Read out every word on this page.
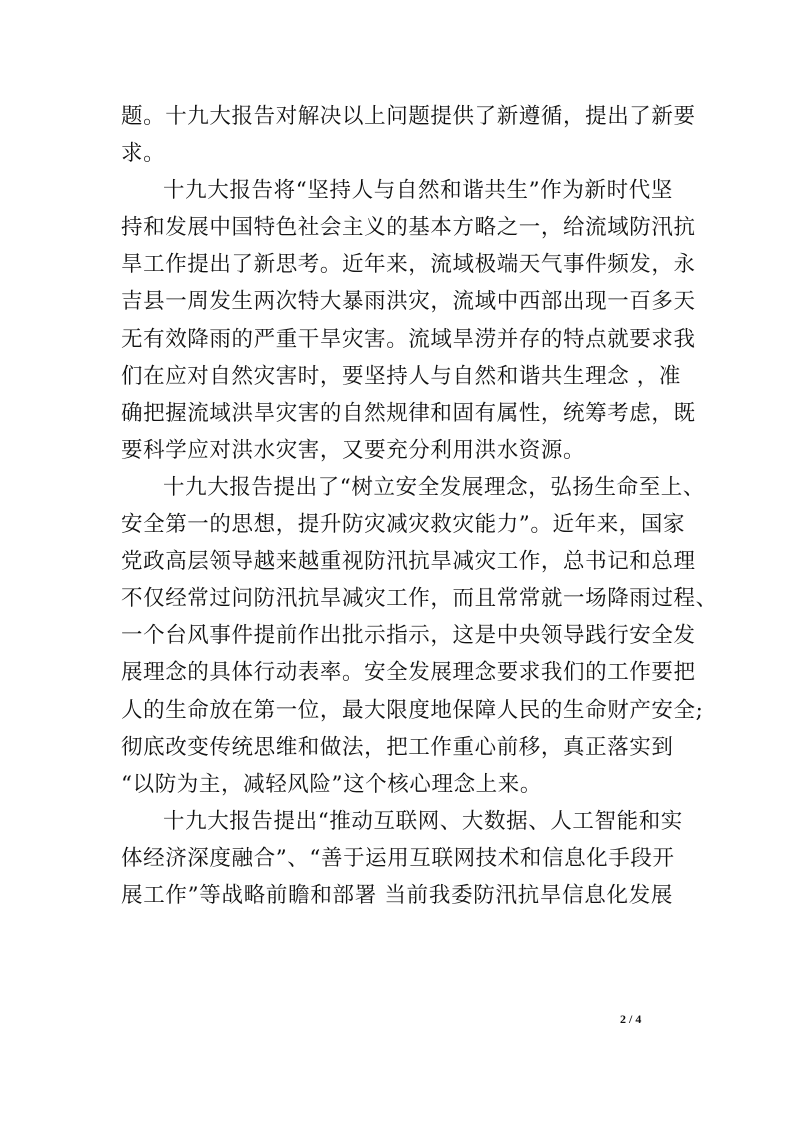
题。十九大报告对解决以上问题提供了新遵循，提出了新要
求。
十九大报告将“坚持人与自然和谐共生”作为新时代坚
持和发展中国特色社会主义的基本方略之一，给流域防汛抗
旱工作提出了新思考。近年来，流域极端天气事件频发，永
吉县一周发生两次特大暴雨洪灾，流域中西部出现一百多天
无有效降雨的严重干旱灾害。流域旱涝并存的特点就要求我
们在应对自然灾害时，要坚持人与自然和谐共生理念 ，准
确把握流域洪旱灾害的自然规律和固有属性，统筹考虑，既
要科学应对洪水灾害，又要充分利用洪水资源。
十九大报告提出了“树立安全发展理念，弘扬生命至上、
安全第一的思想，提升防灾减灾救灾能力”。近年来，国家
党政高层领导越来越重视防汛抗旱减灾工作，总书记和总理
不仅经常过问防汛抗旱减灾工作，而且常常就一场降雨过程、
一个台风事件提前作出批示指示，这是中央领导践行安全发
展理念的具体行动表率。安全发展理念要求我们的工作要把
人的生命放在第一位，最大限度地保障人民的生命财产安全;
彻底改变传统思维和做法，把工作重心前移，真正落实到
“以防为主，减轻风险”这个核心理念上来。
十九大报告提出“推动互联网、大数据、人工智能和实
体经济深度融合”、“善于运用互联网技术和信息化手段开
展工作”等战略前瞻和部署 当前我委防汛抗旱信息化发展
2 / 4
